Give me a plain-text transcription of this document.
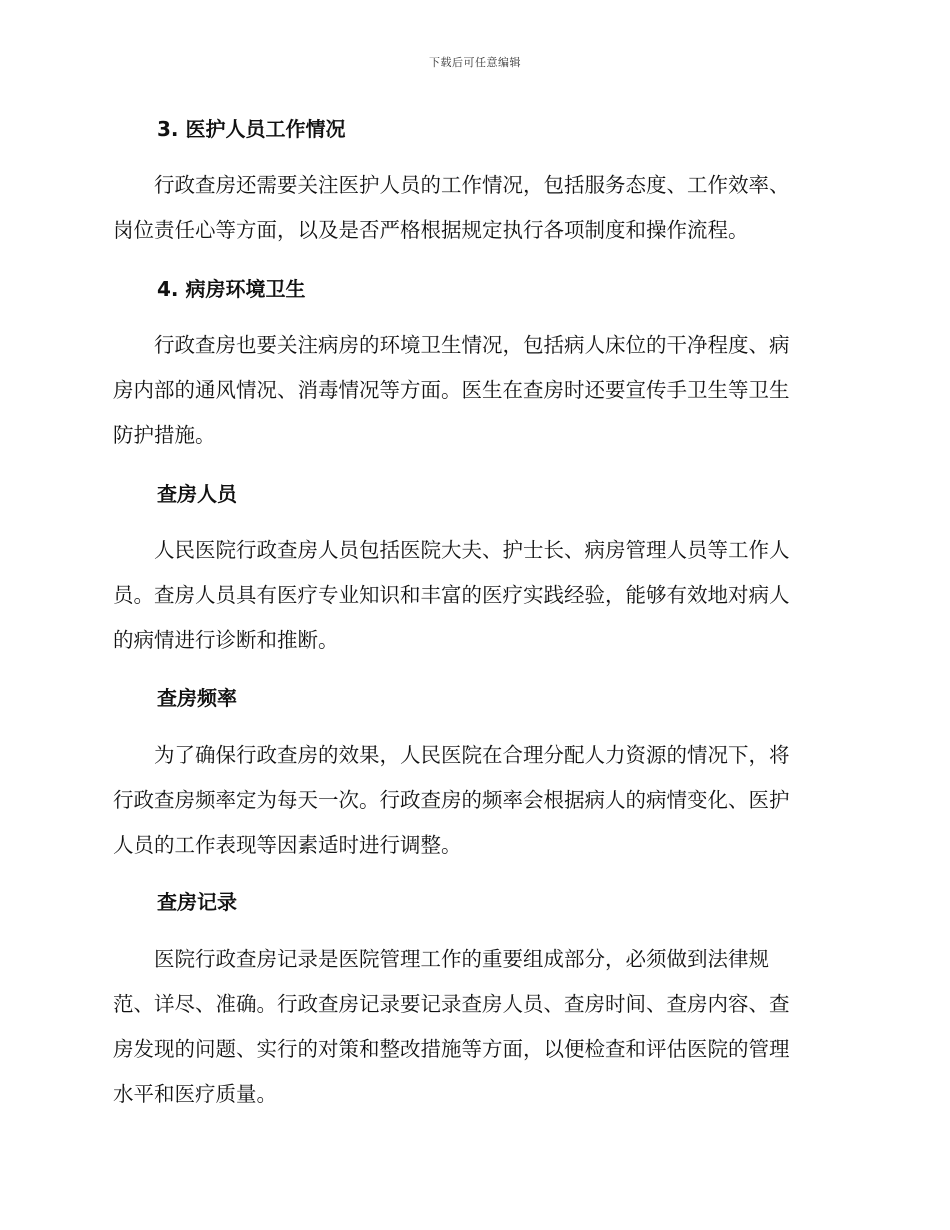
下载后可任意编辑
3. 医护人员工作情况
　　行政查房还需要关注医护人员的工作情况，包括服务态度、工作效率、
岗位责任心等方面，以及是否严格根据规定执行各项制度和操作流程。
4. 病房环境卫生
　　行政查房也要关注病房的环境卫生情况，包括病人床位的干净程度、病
房内部的通风情况、消毒情况等方面。医生在查房时还要宣传手卫生等卫生
防护措施。
查房人员
　　人民医院行政查房人员包括医院大夫、护士长、病房管理人员等工作人
员。查房人员具有医疗专业知识和丰富的医疗实践经验，能够有效地对病人
的病情进行诊断和推断。
查房频率
　　为了确保行政查房的效果，人民医院在合理分配人力资源的情况下，将
行政查房频率定为每天一次。行政查房的频率会根据病人的病情变化、医护
人员的工作表现等因素适时进行调整。
查房记录
　　医院行政查房记录是医院管理工作的重要组成部分，必须做到法律规
范、详尽、准确。行政查房记录要记录查房人员、查房时间、查房内容、查
房发现的问题、实行的对策和整改措施等方面，以便检查和评估医院的管理
水平和医疗质量。
